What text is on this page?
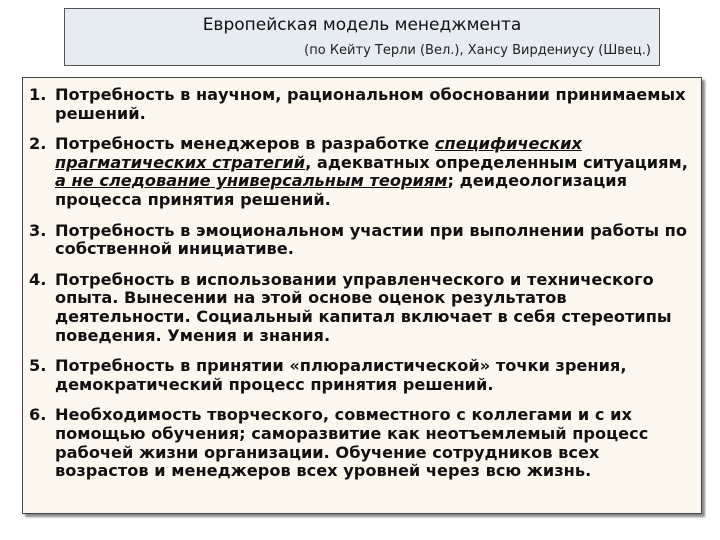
Европейская модель менеджмента
(по Кейту Терли (Вел.), Хансу Вирдениусу (Швец.)
1. Потребность в научном, рациональном обосновании принимаемых решений.
2. Потребность менеджеров в разработке специфических прагматических стратегий, адекватных определенным ситуациям, а не следование универсальным теориям; деидеологизация процесса принятия решений.
3. Потребность в эмоциональном участии при выполнении работы по собственной инициативе.
4. Потребность в использовании управленческого и технического опыта. Вынесении на этой основе оценок результатов деятельности. Социальный капитал включает в себя стереотипы поведения. Умения и знания.
5. Потребность в принятии «плюралистической» точки зрения, демократический процесс принятия решений.
6. Необходимость творческого, совместного с коллегами и с их помощью обучения; саморазвитие как неотъемлемый процесс рабочей жизни организации. Обучение сотрудников всех возрастов и менеджеров всех уровней через всю жизнь.
